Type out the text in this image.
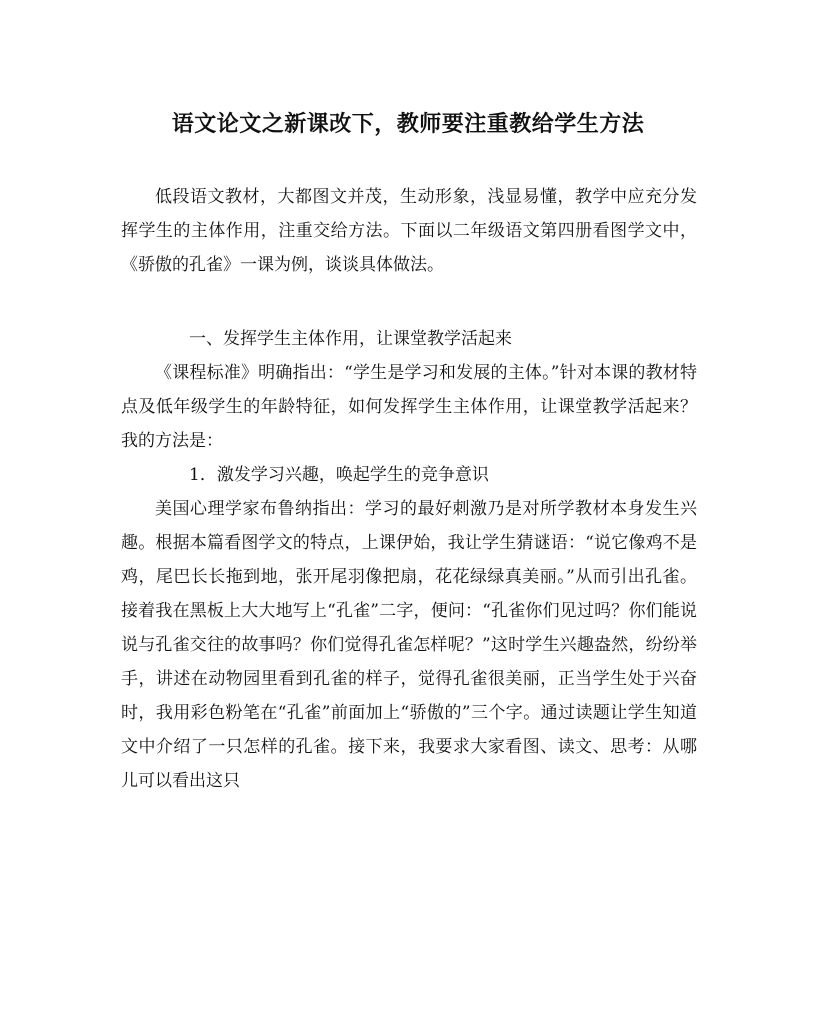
语文论文之新课改下，教师要注重教给学生方法

低段语文教材，大都图文并茂，生动形象，浅显易懂，教学中应充分发挥学生的主体作用，注重交给方法。下面以二年级语文第四册看图学文中，《骄傲的孔雀》一课为例，谈谈具体做法。

一、发挥学生主体作用，让课堂教学活起来

《课程标准》明确指出：“学生是学习和发展的主体。”针对本课的教材特点及低年级学生的年龄特征，如何发挥学生主体作用，让课堂教学活起来？我的方法是：

1．激发学习兴趣，唤起学生的竞争意识

美国心理学家布鲁纳指出：学习的最好刺激乃是对所学教材本身发生兴趣。根据本篇看图学文的特点，上课伊始，我让学生猜谜语：“说它像鸡不是鸡，尾巴长长拖到地，张开尾羽像把扇，花花绿绿真美丽。”从而引出孔雀。接着我在黑板上大大地写上“孔雀”二字，便问：“孔雀你们见过吗？你们能说说与孔雀交往的故事吗？你们觉得孔雀怎样呢？”这时学生兴趣盎然，纷纷举手，讲述在动物园里看到孔雀的样子，觉得孔雀很美丽，正当学生处于兴奋时，我用彩色粉笔在“孔雀”前面加上“骄傲的”三个字。通过读题让学生知道文中介绍了一只怎样的孔雀。接下来，我要求大家看图、读文、思考：从哪儿可以看出这只
